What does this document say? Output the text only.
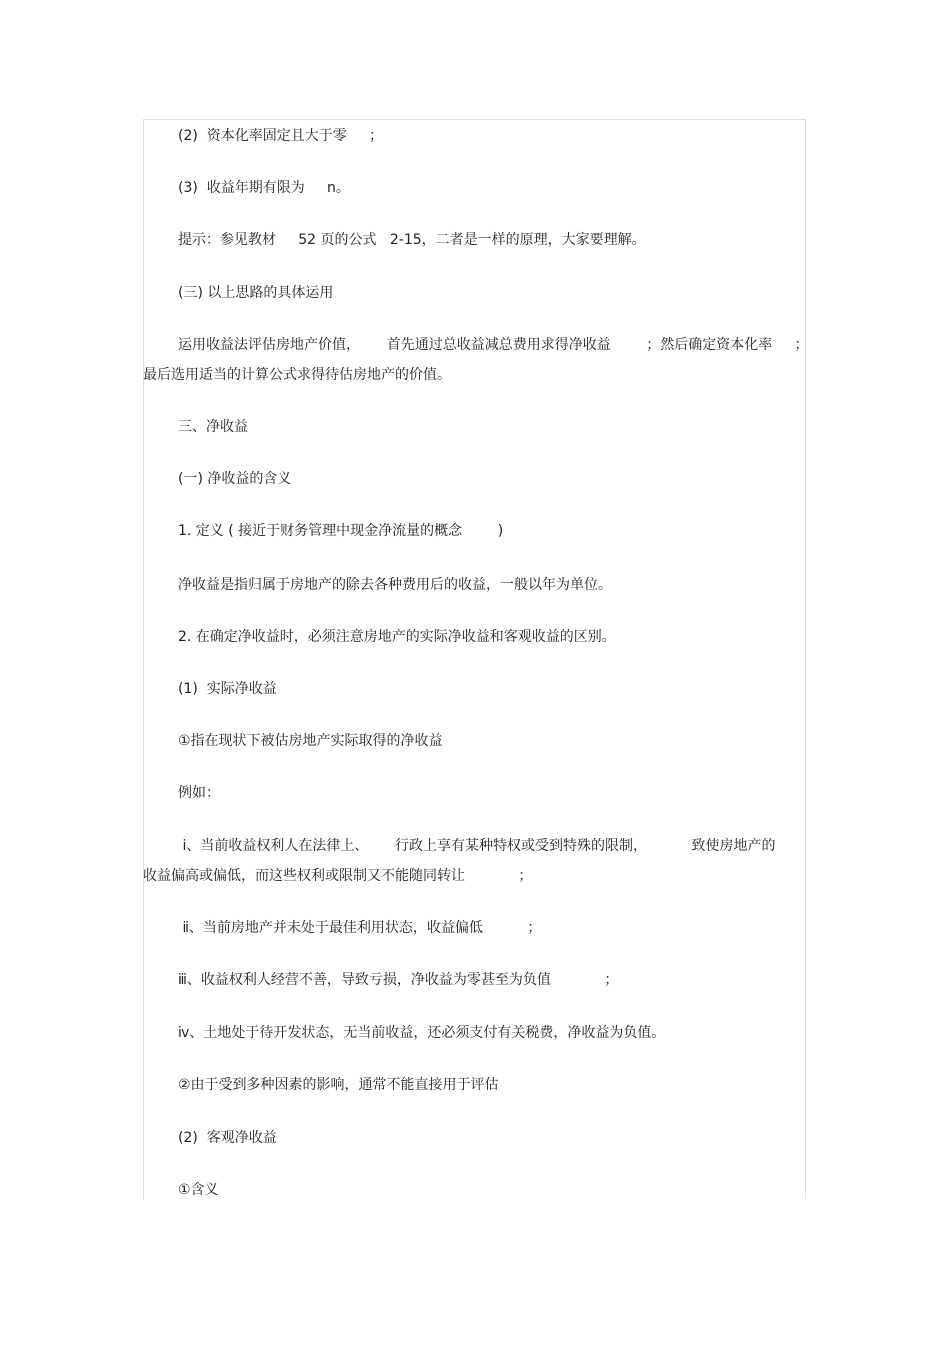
(2)  资本化率固定且大于零     ；
(3)  收益年期有限为     n。
提示：参见教材     52 页的公式   2-15，二者是一样的原理，大家要理解。
(三) 以上思路的具体运用
运用收益法评估房地产价值，      首先通过总收益减总费用求得净收益        ；然后确定资本化率     ；
最后选用适当的计算公式求得待估房地产的价值。
三、净收益
(一) 净收益的含义
1. 定义 ( 接近于财务管理中现金净流量的概念        )
净收益是指归属于房地产的除去各种费用后的收益，一般以年为单位。
2. 在确定净收益时，必须注意房地产的实际净收益和客观收益的区别。
(1)  实际净收益
①指在现状下被估房地产实际取得的净收益
例如：
ⅰ、当前收益权利人在法律上、      行政上享有某种特权或受到特殊的限制，          致使房地产的
收益偏高或偏低，而这些权利或限制又不能随同转让            ；
ⅱ、当前房地产并未处于最佳利用状态，收益偏低          ；
ⅲ、收益权利人经营不善，导致亏损，净收益为零甚至为负值            ；
ⅳ、土地处于待开发状态，无当前收益，还必须支付有关税费，净收益为负值。
②由于受到多种因素的影响，通常不能直接用于评估
(2)  客观净收益
①含义
